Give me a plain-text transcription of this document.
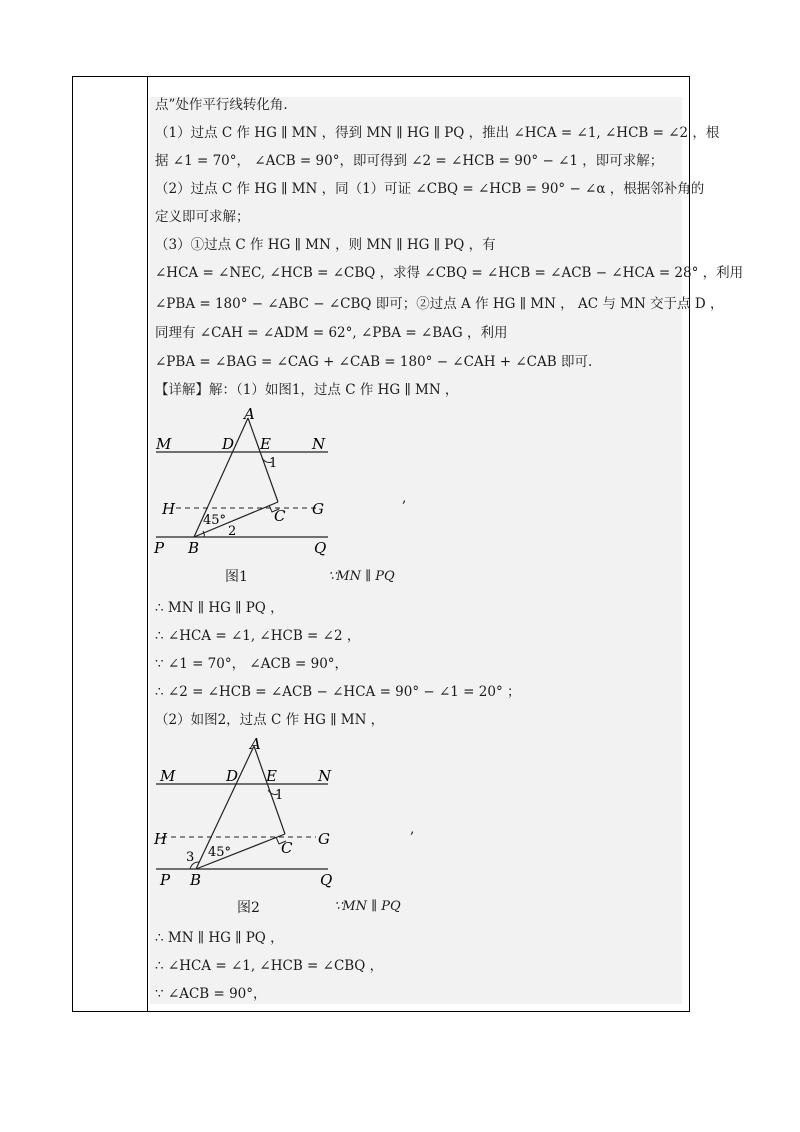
点”处作平行线转化角.
（1）过点 C 作 HG ∥ MN ，得到 MN ∥ HG ∥ PQ ，推出 ∠HCA = ∠1, ∠HCB = ∠2 ，根
据 ∠1 = 70°， ∠ACB = 90°，即可得到 ∠2 = ∠HCB = 90° − ∠1 ，即可求解；
（2）过点 C 作 HG ∥ MN ，同（1）可证 ∠CBQ = ∠HCB = 90° − ∠α ，根据邻补角的
定义即可求解；
（3）①过点 C 作 HG ∥ MN ，则 MN ∥ HG ∥ PQ ，有
∠HCA = ∠NEC, ∠HCB = ∠CBQ ，求得 ∠CBQ = ∠HCB = ∠ACB − ∠HCA = 28° ，利用
∠PBA = 180° − ∠ABC − ∠CBQ 即可；②过点 A 作 HG ∥ MN ， AC 与 MN 交于点 D ，
同理有 ∠CAH = ∠ADM = 62°, ∠PBA = ∠BAG ，利用
∠PBA = ∠BAG = ∠CAG + ∠CAB = 180° − ∠CAH + ∠CAB 即可.
【详解】解：（1）如图1，过点 C 作 HG ∥ MN ，
A
M	D E	N
1
H
45°	C G
2
P B	Q
,
图1	∵MN ∥ PQ
∴ MN ∥ HG ∥ PQ ，
∴ ∠HCA = ∠1, ∠HCB = ∠2 ，
∵ ∠1 = 70°， ∠ACB = 90°，
∴ ∠2 = ∠HCB = ∠ACB − ∠HCA = 90° − ∠1 = 20° ；
（2）如图2，过点 C 作 HG ∥ MN ，
A
M	D E	N
1
H
3 45°	C G
P B	Q
,
图2	∵MN ∥ PQ
∴ MN ∥ HG ∥ PQ ，
∴ ∠HCA = ∠1, ∠HCB = ∠CBQ ，
∵ ∠ACB = 90°，
